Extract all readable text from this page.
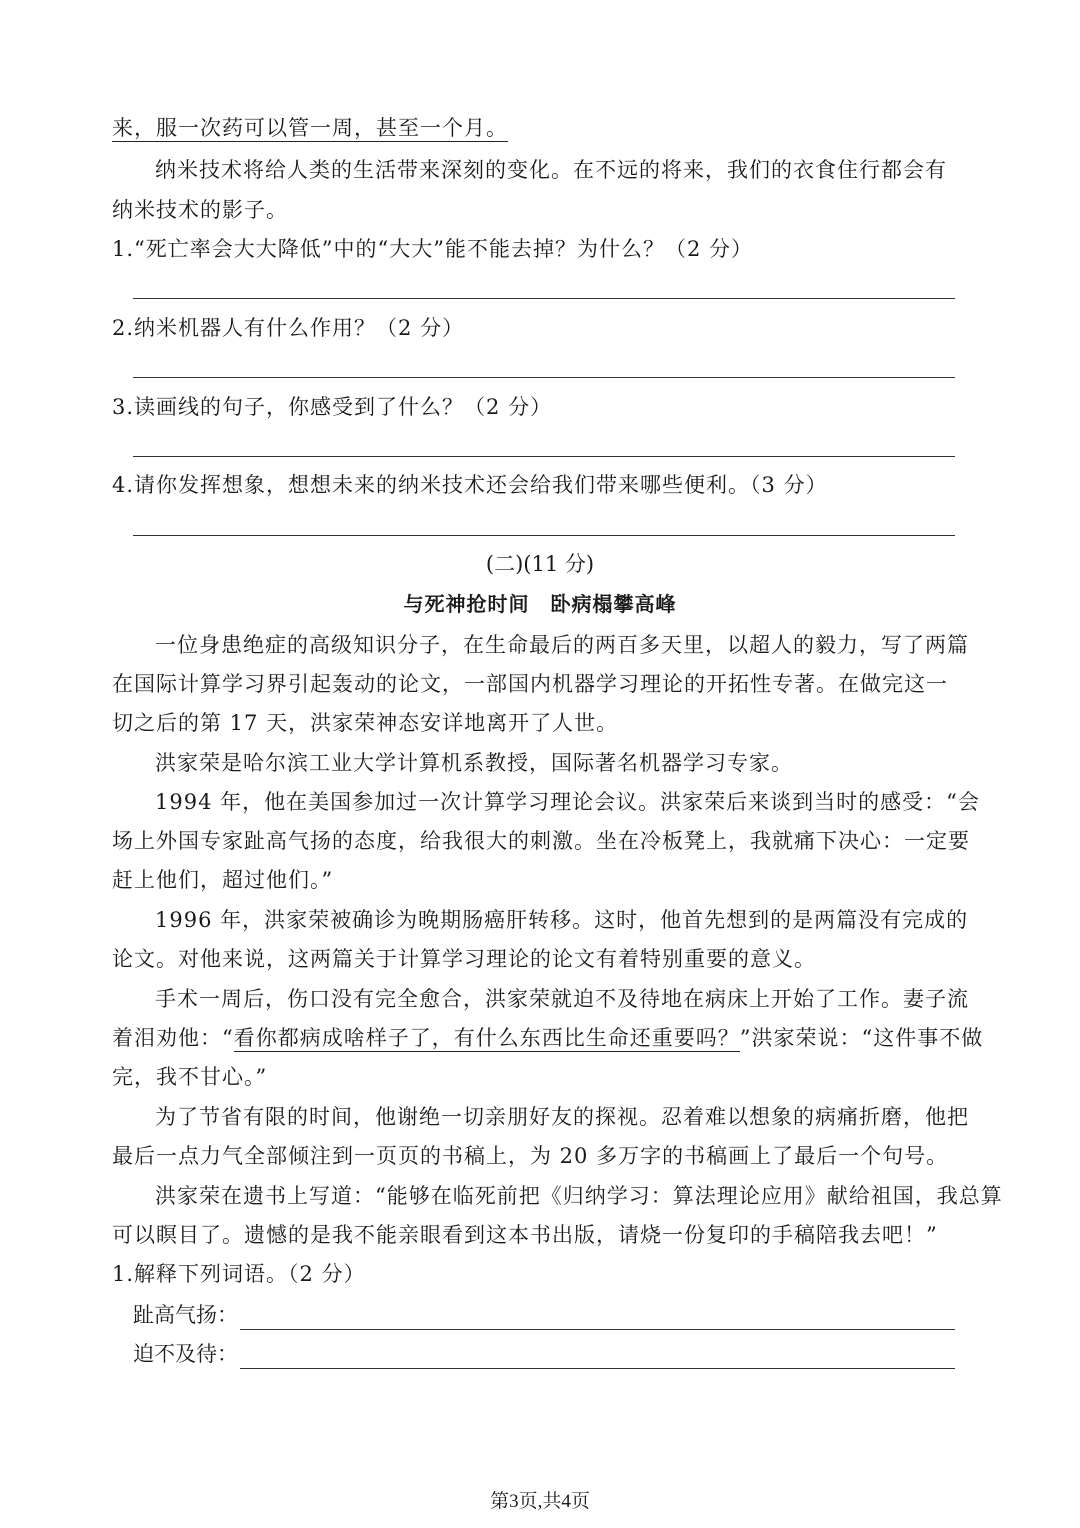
来，服一次药可以管一周，甚至一个月。
纳米技术将给人类的生活带来深刻的变化。在不远的将来，我们的衣食住行都会有
纳米技术的影子。
1.“死亡率会大大降低”中的“大大”能不能去掉？为什么？（2 分）
2.纳米机器人有什么作用？（2 分）
3.读画线的句子，你感受到了什么？（2 分）
4.请你发挥想象，想想未来的纳米技术还会给我们带来哪些便利。（3 分）
(二)(11 分)
与死神抢时间　卧病榻攀高峰
一位身患绝症的高级知识分子，在生命最后的两百多天里，以超人的毅力，写了两篇
在国际计算学习界引起轰动的论文，一部国内机器学习理论的开拓性专著。在做完这一
切之后的第 17 天，洪家荣神态安详地离开了人世。
洪家荣是哈尔滨工业大学计算机系教授，国际著名机器学习专家。
1994 年，他在美国参加过一次计算学习理论会议。洪家荣后来谈到当时的感受：“会
场上外国专家趾高气扬的态度，给我很大的刺激。坐在冷板凳上，我就痛下决心：一定要
赶上他们，超过他们。”
1996 年，洪家荣被确诊为晚期肠癌肝转移。这时，他首先想到的是两篇没有完成的
论文。对他来说，这两篇关于计算学习理论的论文有着特别重要的意义。
手术一周后，伤口没有完全愈合，洪家荣就迫不及待地在病床上开始了工作。妻子流
着泪劝他：“看你都病成啥样子了，有什么东西比生命还重要吗？”洪家荣说：“这件事不做
完，我不甘心。”
为了节省有限的时间，他谢绝一切亲朋好友的探视。忍着难以想象的病痛折磨，他把
最后一点力气全部倾注到一页页的书稿上，为 20 多万字的书稿画上了最后一个句号。
洪家荣在遗书上写道：“能够在临死前把《归纳学习：算法理论应用》献给祖国，我总算
可以瞑目了。遗憾的是我不能亲眼看到这本书出版，请烧一份复印的手稿陪我去吧！”
1.解释下列词语。（2 分）
趾高气扬：
迫不及待：
第3页,共4页
